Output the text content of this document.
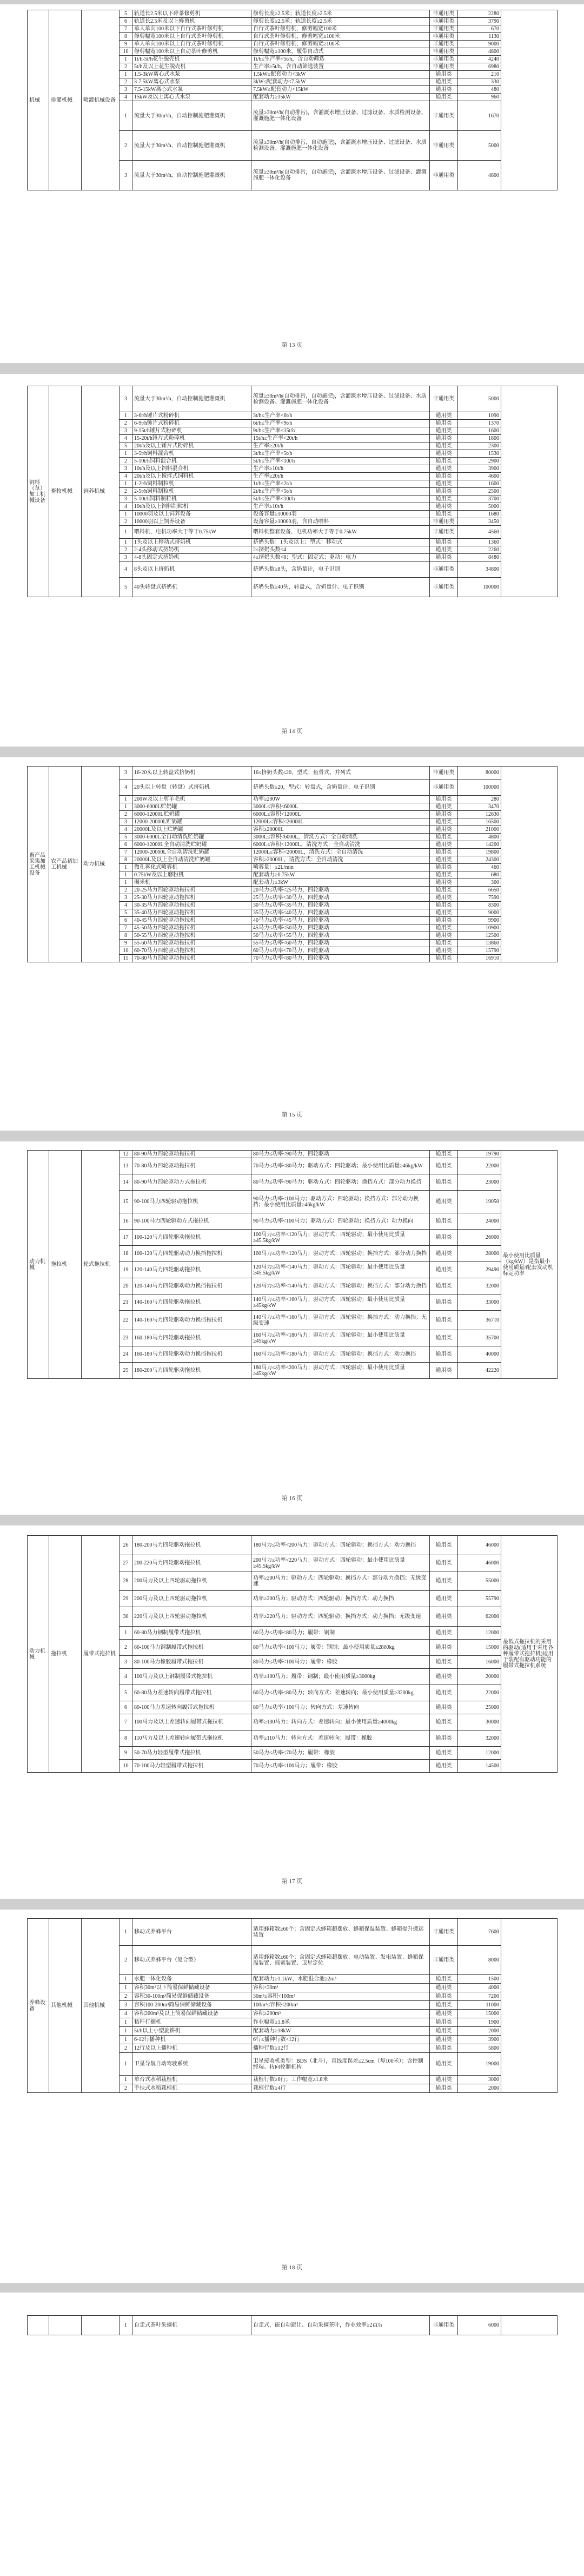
机械	排灌机械	喷灌机械设备	5	轨道长2.5米以下碎茶修剪机	修剪长度≥2.5米；轨道长度≥2.5米	非通用类	2280	
			6	轨道长2.5米及以上修剪机	修剪长度≥2.5米；轨道长度≥2.5米	非通用类	3790	
			7	单人单向100米以下自行式茶叶修剪机	自行式茶叶修剪机，修剪幅宽100米	非通用类	670	
			8	修剪幅宽100米以上自行式茶叶修剪机	自行式茶叶修剪机，修剪幅宽≥100米	非通用类	1130	
			9	单人单向100米以上自行式茶叶修剪机	自行式茶叶修剪机，修剪幅宽≥100米	非通用类	9000	
			10	修剪幅宽100米以上自动茶叶修剪机	修剪幅宽≥100米，履带自动式	非通用类	4800	
			1	1t/h-5t/h花生脱壳机	1t/h≤生产率<5t/h，含自动筛选	非通用类	4240	
			2	5t/h及以上花生脱壳机	生产率≥5t/h，含自动筛选装置	非通用类	6980	
			1	1.5-3kW离心式水泵	1.5kW≤配套动力<3kW	通用类	210	
			2	3-7.5kW离心式水泵	3kW≤配套动力<7.5kW	通用类	330	
			3	7.5-15kW离心式水泵	7.5kW≤配套动力<15kW	通用类	480	
			4	15kW及以上离心式水泵	配套动力≥15kW	通用类	960	
			1	流量大于30m³/h，自动控制施肥灌溉机	流量≥30m³/h(自动排污)，含灌溉水增压设备、过滤设备、水质检测设备、灌溉施肥一体化设备	非通用类	1670	
			2	流量大于30m³/h，自动控制施肥灌溉机	流量≥30m³/h(自动排污，自动施肥)，含灌溉水增压设备、过滤设备、水质检测设备、灌溉施肥一体化设备	非通用类	5000	
			3	流量大于30m³/h，自动控制施肥灌溉机	流量≥30m³/h(自动排污，自动施肥)，含灌溉水增压设备、过滤设备、灌溉施肥一体化设备	非通用类	4800	
第 13 页
饲料（草）加工机械设备	畜牧机械	饲养机械	3	流量大于30m³/h，自动控制施肥灌溉机	流量≥30m³/h(自动排污，自动施肥)，含灌溉水增压设备、过滤设备、水质检测设备、灌溉施肥一体化设备	非通用类	5000	
			1	3-6t/h锤片式粉碎机	3t/h≤生产率<6t/h	通用类	1090	
			2	6-9t/h锤片式粉碎机	6t/h≤生产率<9t/h	通用类	1370	
			3	9-15t/h锤片式粉碎机	9t/h≤生产率<15t/h	通用类	1600	
			4	15-20t/h锤片式粉碎机	15t/h≤生产率<20t/h	通用类	1800	
			5	20t/h及以上锤片式粉碎机	生产率≥20t/h	通用类	2300	
			1	3-5t/h饲料混合机	3t/h≤生产率<5t/h	通用类	1530	
			2	5-10t/h饲料混合机	5t/h≤生产率<10t/h	通用类	2900	
			3	10t/h及以上饲料混合机	生产率≥10t/h	通用类	3900	
			4	20t/h及以上搅拌式饲料机	生产率≥20t/h	通用类	4600	
			1	1-2t/h饲料制粒机	1t/h≤生产率<2t/h	通用类	1600	
			2	2-5t/h饲料制粒机	2t/h≤生产率<5t/h	通用类	2500	
			3	5-10t/h饲料制粒机	5t/h≤生产率<10t/h	通用类	3700	
			4	10t/h及以上饲料制粒机	生产率≥10t/h	通用类	5000	
			1	10000羽及以上饲养设备	设备容量≥10000羽	通用类	1680	
			2	10000羽以上饲养设备	设备容量≥10000羽，含自动喂料	非通用类	3450	
			1	喂料机，电机功率大于等于0.75kW	喂料机整套设备，电机功率大于等于0.75kW	非通用类	4560	
			1	1头及以上移动式挤奶机	挤奶头数：1头及以上；型式：移动式	通用类	1360	
			2	2-4头移动式挤奶机	2≤挤奶头数<4	通用类	2260	
			3	4-8头固定式挤奶机	4≤挤奶头数<8；型式：固定式；驱动：电力	通用类	8480	
			4	8头及以上挤奶机	挤奶头数≥8头，含奶量计，电子识别	非通用类	34800	
			5	40头转盘式挤奶机	挤奶头数≥40头，转盘式，含奶量计、电子识别	非通用类	100000	
第 14 页
畜产品采集加工机械设备	农产品初加工机械	动力机械	3	16-20头以上转盘式挤奶机	16≤挤奶头数≤20，型式：鱼骨式、并列式	非通用类	80000	
			4	20头以上转盘（转盘）式挤奶机	挤奶头数≥20，型式：转盘式，含奶量计、电子识别	非通用类	100000	
			1	200W及以上剪羊毛机	功率≥200W	通用类	280	
			1	3000-6000L贮奶罐	3000L≤容积<6000L	通用类	3470	
			2	6000-12000L贮奶罐	6000L≤容积<12000L	通用类	12630	
			3	12000-20000L贮奶罐	12000L≤容积<20000L	通用类	16500	
			4	20000L及以上贮奶罐	容积≥20000L	通用类	21000	
			5	3000-6000L全自动清洗贮奶罐	3000L≤容积<6000L，清洗方式：全自动清洗	通用类	4800	
			6	6000-12000L全自动清洗贮奶罐	6000L≤容积<12000L，清洗方式：全自动清洗	通用类	14200	
			7	12000-20000L全自动清洗贮奶罐	12000L≤容积<20000L，清洗方式：全自动清洗	通用类	19800	
			8	20000L及以上全自动清洗贮奶罐	容积≥20000L，清洗方式：全自动清洗	通用类	24300	
			1	微孔雾化式喷雾机	喷雾量：≥2L/min	通用类	460	
			1	0.75kW及以上磨粉机	配套动力≥0.75kW	通用类	680	
			1	碾米机	配套动力≥3kW	通用类	300	
			2	20-25马力四轮驱动拖拉机	20马力≤功率<25马力，四轮驱动	通用类	6650	
			3	25-30马力四轮驱动拖拉机	25马力≤功率<30马力，四轮驱动	通用类	7590	
			4	30-35马力四轮驱动拖拉机	30马力≤功率<35马力，四轮驱动	通用类	8300	
			5	35-40马力四轮驱动拖拉机	35马力≤功率<40马力，四轮驱动	通用类	9000	
			6	40-45马力四轮驱动拖拉机	40马力≤功率<45马力，四轮驱动	通用类	9900	
			7	45-50马力四轮驱动拖拉机	45马力≤功率<50马力，四轮驱动	通用类	10900	
			8	50-55马力四轮驱动拖拉机	50马力≤功率<55马力，四轮驱动	通用类	12500	
			9	55-60马力四轮驱动拖拉机	55马力≤功率<60马力，四轮驱动	通用类	13860	
			10	60-70马力四轮驱动拖拉机	60马力≤功率<70马力，四轮驱动	通用类	15790	
			11	70-80马力四轮驱动拖拉机	70马力≤功率<80马力，四轮驱动	通用类	16910	
第 15 页
动力机械	拖拉机	轮式拖拉机	12	80-90马力四轮驱动拖拉机	80马力≤功率<90马力，四轮驱动	通用类	19790	最小使用比质量（kg/kW）是指最小使用质量/配套发动机标定功率
			13	70-80马力四轮驱动拖拉机	70马力≤功率<80马力；驱动方式：四轮驱动；最小使用比质量≥46kg/kW	通用类	22000	
			14	80-90马力四轮驱动方式拖拉机	80马力≤功率<90马力；驱动方式：四轮驱动；换挡方式：部分动力换挡	通用类	23000	
			15	90-100马力四轮驱动拖拉机	90马力≤功率<100马力；驱动方式：四轮驱动；换挡方式：部分动力换挡；最小使用比质量≥46kg/kW	通用类	19050	
			16	90-100马力四轮驱动方式拖拉机	90马力≤功率<100马力；驱动方式：四轮驱动；换挡方式：动力换向	通用类	24000	
			17	100-120马力四轮驱动拖拉机	100马力≤功率<120马力；驱动方式：四轮驱动；最小使用比质量≥45.5kg/kW	通用类	26000	
			18	100-120马力四轮驱动动力换挡拖拉机	100马力≤功率<120马力；驱动方式：四轮驱动；换挡方式：部分动力换挡	通用类	28000	
			19	120-140马力四轮驱动拖拉机	120马力≤功率<140马力；驱动方式：四轮驱动；最小使用比质量≥45.5kg/kW	通用类	29490	
			20	120-140马力四轮驱动动力换挡拖拉机	120马力≤功率<140马力；驱动方式：四轮驱动；换挡方式：部分动力换挡	通用类	32000	
			21	140-160马力四轮驱动拖拉机	140马力≤功率<160马力；驱动方式：四轮驱动；最小使用比质量≥45kg/kW	通用类	33000	
			22	140-160马力四轮驱动动力换挡拖拉机	140马力≤功率<160马力；驱动方式：四轮驱动；换挡方式：动力换挡；无级变速	通用类	36710	
			23	160-180马力四轮驱动拖拉机	160马力≤功率<180马力；驱动方式：四轮驱动；最小使用比质量≥45kg/kW	通用类	35700	
			24	160-180马力四轮驱动动力换挡拖拉机	160马力≤功率<180马力；驱动方式：四轮驱动；换挡方式：动力换挡	通用类	40000	
			25	180-200马力四轮驱动拖拉机	180马力≤功率<200马力；驱动方式：四轮驱动；最小使用比质量≥45kg/kW	通用类	42220	
第 16 页
动力机械	拖拉机	履带式拖拉机	26	180-200马力四轮驱动拖拉机	180马力≤功率<200马力；驱动方式：四轮驱动；换挡方式：动力换挡	通用类	46000	最低式拖拉机的采用的驱动(适用于采用各种履带式拖拉机)适用于装配有驱动功能的履带式拖拉机系统
			27	200-220马力四轮驱动拖拉机	200马力≤功率<220马力；驱动方式：四轮驱动；最小使用比质量≥45.5kg/kW	通用类	46000	
			28	200马力及以上四轮驱动拖拉机	功率≥200马力；驱动方式：四轮驱动；换挡方式：部分动力换挡；无级变速	通用类	55000	
			29	200马力及以上四轮驱动拖拉机	功率≥200马力；驱动方式：四轮驱动；换挡方式：动力换挡	通用类	55790	
			30	220马力及以上四轮驱动拖拉机	功率≥220马力；驱动方式：四轮驱动；换挡方式：动力换挡；无级变速	通用类	62000	
			1	60-80马力钢制履带式拖拉机	60马力≤功率<80马力；履带：钢制	通用类	12000	
			2	80-100马力钢制履带式拖拉机	80马力≤功率<100马力；履带：钢制；最小使用质量≥2800kg	通用类	15000	
			3	80-100马力橡胶履带式拖拉机	80马力≤功率<100马力；履带：橡胶	通用类	16000	
			4	100马力及以上钢制履带式拖拉机	功率≥100马力；履带：钢制；最小使用质量≥3000kg	通用类	20000	
			5	60-80马力差速转向履带式拖拉机	60马力≤功率<80马力；转向方式：差速转向；最小使用质量≥3200kg	通用类	22000	
			6	80-100马力差速转向履带式拖拉机	80马力≤功率<100马力；转向方式：差速转向	通用类	25000	
			7	100马力及以上差速转向履带式拖拉机	功率≥100马力；转向方式：差速转向；最小使用质量≥4000kg	通用类	30000	
			8	110马力及以上差速转向履带式拖拉机	功率≥110马力；转向方式：差速转向；履带：橡胶	通用类	32000	
			9	50-70马力轻型履带式拖拉机	50马力≤功率<70马力；履带：橡胶	通用类	12000	
			10	70-100马力轻型履带式拖拉机	70马力≤功率<100马力；履带：橡胶	通用类	14500	
第 17 页
养蜂设备	其他机械	其他机械	1	移动式养蜂平台	适用蜂箱数≥60个；含固定式蜂箱超摆放、蜂箱保温装置、蜂箱提升搬运装置	非通用类	7600	
			2	移动式养蜂平台（复合型）	适用蜂箱数≥60个；含固定式蜂箱超摆放、电动装置、发电装置、蜂箱保温装置、摇蜜装置、卫星定位	非通用类	8000	
			1	水肥一体化设备	配套动力≥1.1kW，水肥混合池≥2m³	通用类	1500	
			1	容积30m³以下简易保鲜储藏设备	容积<30m³	通用类	4000	
			2	容积30-100m³简易保鲜储藏设备	30m³≤容积<100m³	通用类	7200	
			3	容积100-200m³简易保鲜储藏设备	100m³≤容积<200m³	通用类	11000	
			4	容积200m³及以上简易保鲜储藏设备	容积≥200m³	通用类	15000	
			1	秸秆打捆机	作业幅宽≥1.8米	通用类	1900	
			1	5t/h以上小型旋耕机	配套动力≥18kW	通用类	2000	
			1	6-12行播种机	6行≤播种行数<12行	通用类	3900	
			2	12行及以上播种机	播种行数≥12行	通用类	5800	
			1	卫星导航自动驾驶系统	卫星接收机类型：BDS（北斗），直线度误差≤2.5cm（每100米）；含控制终端、转向控制机构	通用类	19000	
			1	单台式水稻栽植机	栽植行数≥6行；工作幅宽≥1.8米	通用类	3000	
			2	手扶式水稻栽植机	栽植行数≥4行	通用类	2000	
第 18 页
			1	自走式茶叶采摘机	自走式，能自动避让、自动采摘茶叶，作业效率≥2亩/h	非通用类	6000	
